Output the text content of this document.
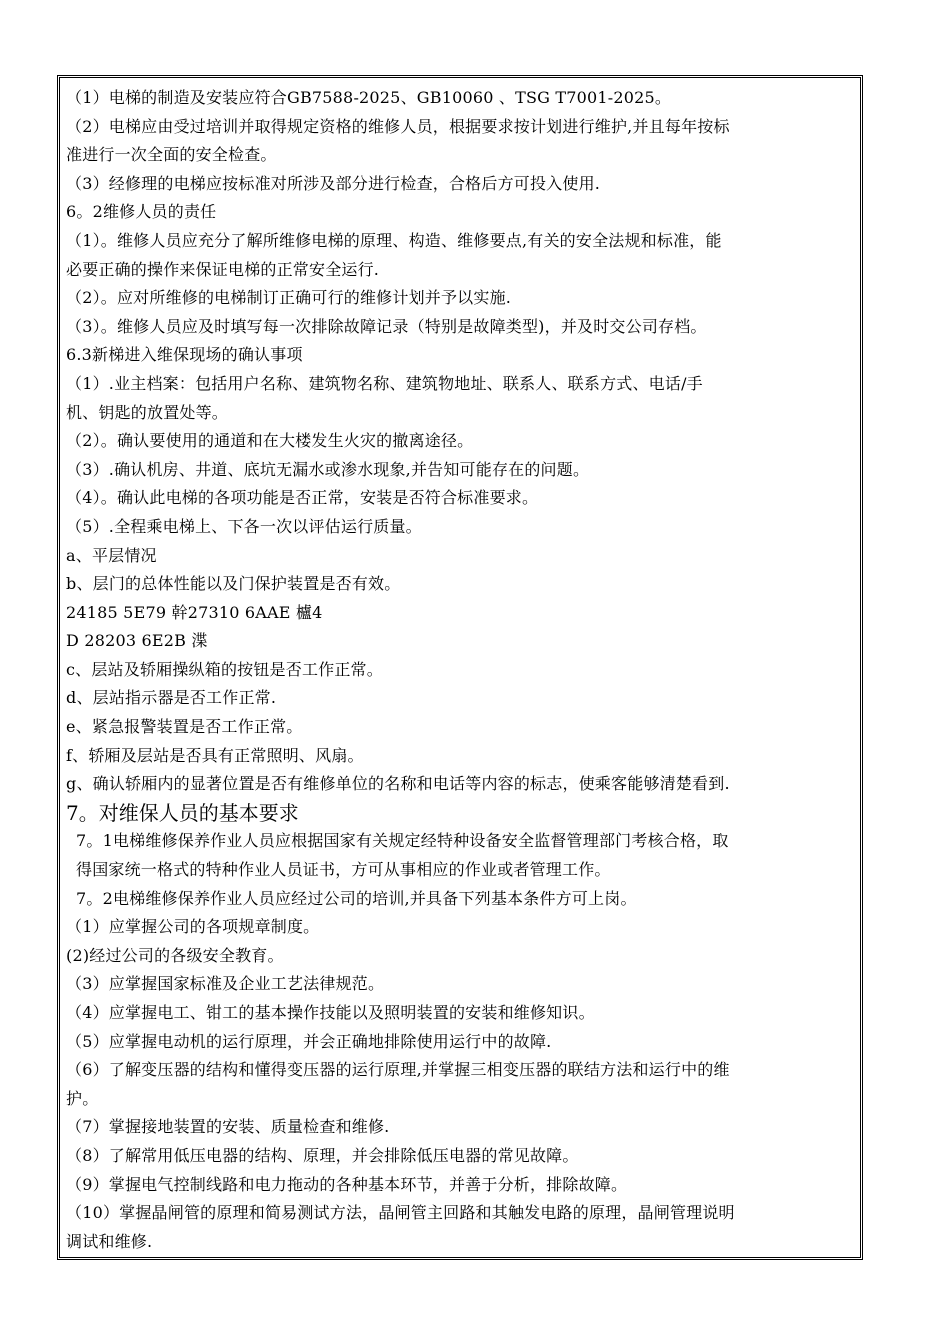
（1）电梯的制造及安装应符合GB7588-2025、GB10060 、TSG T7001-2025。
（2）电梯应由受过培训并取得规定资格的维修人员，根据要求按计划进行维护,并且每年按标
准进行一次全面的安全检查。
（3）经修理的电梯应按标准对所涉及部分进行检查，合格后方可投入使用.
6。2维修人员的责任
（1）。维修人员应充分了解所维修电梯的原理、构造、维修要点,有关的安全法规和标准，能
必要正确的操作来保证电梯的正常安全运行.
（2）。应对所维修的电梯制订正确可行的维修计划并予以实施.
（3）。维修人员应及时填写每一次排除故障记录（特别是故障类型)，并及时交公司存档。
6.3新梯进入维保现场的确认事项
（1）.业主档案：包括用户名称、建筑物名称、建筑物地址、联系人、联系方式、电话/手
机、钥匙的放置处等。
（2）。确认要使用的通道和在大楼发生火灾的撤离途径。
（3）.确认机房、井道、底坑无漏水或渗水现象,并告知可能存在的问题。
（4）。确认此电梯的各项功能是否正常，安装是否符合标准要求。
（5）.全程乘电梯上、下各一次以评估运行质量。
a、平层情况
b、层门的总体性能以及门保护装置是否有效。
24185 5E79 幹27310 6AAE 櫨4
D 28203 6E2B 渫
c、层站及轿厢操纵箱的按钮是否工作正常。
d、层站指示器是否工作正常.
e、紧急报警装置是否工作正常。
f、轿厢及层站是否具有正常照明、风扇。
g、确认轿厢内的显著位置是否有维修单位的名称和电话等内容的标志，使乘客能够清楚看到.
7。对维保人员的基本要求
7。1电梯维修保养作业人员应根据国家有关规定经特种设备安全监督管理部门考核合格，取
得国家统一格式的特种作业人员证书，方可从事相应的作业或者管理工作。
7。2电梯维修保养作业人员应经过公司的培训,并具备下列基本条件方可上岗。
（1）应掌握公司的各项规章制度。
(2)经过公司的各级安全教育。
（3）应掌握国家标准及企业工艺法律规范。
（4）应掌握电工、钳工的基本操作技能以及照明装置的安装和维修知识。
（5）应掌握电动机的运行原理，并会正确地排除使用运行中的故障.
（6）了解变压器的结构和懂得变压器的运行原理,并掌握三相变压器的联结方法和运行中的维
护。
（7）掌握接地装置的安装、质量检查和维修.
（8）了解常用低压电器的结构、原理，并会排除低压电器的常见故障。
（9）掌握电气控制线路和电力拖动的各种基本环节，并善于分析，排除故障。
（10）掌握晶闸管的原理和简易测试方法，晶闸管主回路和其触发电路的原理，晶闸管理说明
调试和维修.
